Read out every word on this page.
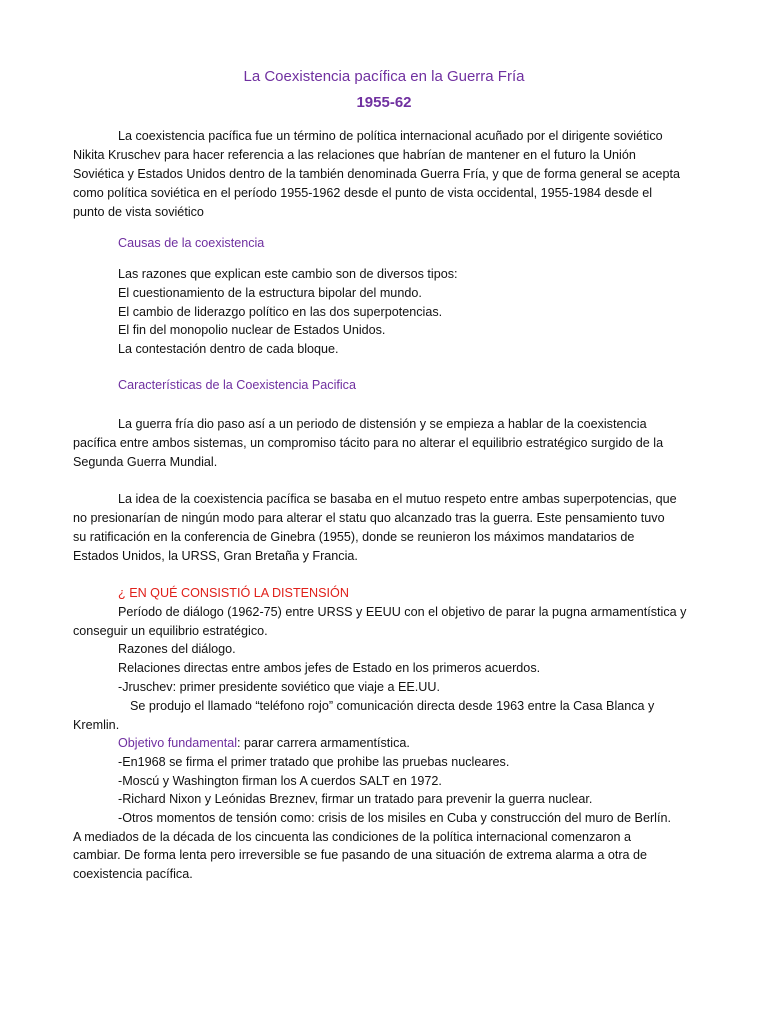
La Coexistencia pacífica en la Guerra Fría
1955-62
La coexistencia pacífica fue un término de política internacional acuñado por el dirigente soviético
Nikita Kruschev para hacer referencia a las relaciones que habrían de mantener en el futuro la Unión
Soviética y Estados Unidos dentro de la también denominada Guerra Fría, y que de forma general se acepta
como política soviética en el período 1955-1962 desde el punto de vista occidental, 1955-1984 desde el
punto de vista soviético
Causas de la coexistencia
Las razones que explican este cambio son de diversos tipos:
El cuestionamiento de la estructura bipolar del mundo.
El cambio de liderazgo político en las dos superpotencias.
El fin del monopolio nuclear de Estados Unidos.
La contestación dentro de cada bloque.
Características de la Coexistencia Pacifica
La guerra fría dio paso así a un periodo de distensión y se empieza a hablar de la coexistencia
pacífica entre ambos sistemas, un compromiso tácito para no alterar el equilibrio estratégico surgido de la
Segunda Guerra Mundial.
La idea de la coexistencia pacífica se basaba en el mutuo respeto entre ambas superpotencias, que
no presionarían de ningún modo para alterar el statu quo alcanzado tras la guerra. Este pensamiento tuvo
su ratificación en la conferencia de Ginebra (1955), donde se reunieron los máximos mandatarios de
Estados Unidos, la URSS, Gran Bretaña y Francia.
¿ EN QUÉ CONSISTIÓ LA DISTENSIÓN
Período de diálogo (1962-75) entre URSS y EEUU con el objetivo de parar la pugna armamentística y
conseguir un equilibrio estratégico.
Razones del diálogo.
Relaciones directas entre ambos jefes de Estado en los primeros acuerdos.
-Jruschev: primer presidente soviético que viaje a EE.UU.
Se produjo el llamado “teléfono rojo” comunicación directa desde 1963 entre la Casa Blanca y
Kremlin.
Objetivo fundamental: parar carrera armamentística.
-En1968 se firma el primer tratado que prohibe las pruebas nucleares.
-Moscú y Washington firman los A cuerdos SALT en 1972.
-Richard Nixon y Leónidas Breznev, firmar un tratado para prevenir la guerra nuclear.
-Otros momentos de tensión como: crisis de los misiles en Cuba y construcción del muro de Berlín.
A mediados de la década de los cincuenta las condiciones de la política internacional comenzaron a
cambiar. De forma lenta pero irreversible se fue pasando de una situación de extrema alarma a otra de
coexistencia pacífica.
